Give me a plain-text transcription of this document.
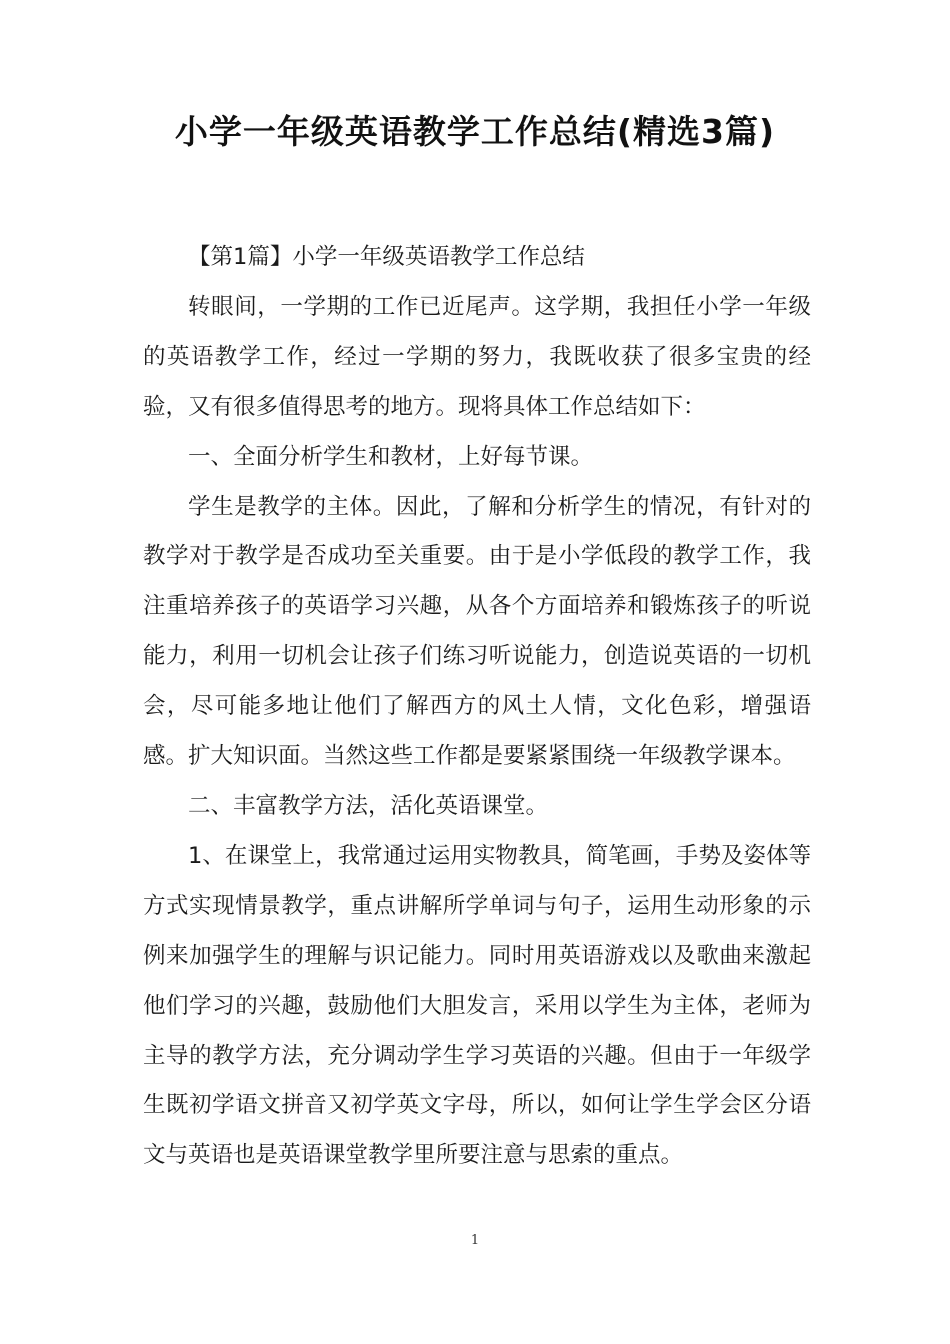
小学一年级英语教学工作总结(精选3篇)

【第1篇】小学一年级英语教学工作总结

转眼间，一学期的工作已近尾声。这学期，我担任小学一年级的英语教学工作，经过一学期的努力，我既收获了很多宝贵的经验，又有很多值得思考的地方。现将具体工作总结如下：

一、全面分析学生和教材，上好每节课。

学生是教学的主体。因此，了解和分析学生的情况，有针对的教学对于教学是否成功至关重要。由于是小学低段的教学工作，我注重培养孩子的英语学习兴趣，从各个方面培养和锻炼孩子的听说能力，利用一切机会让孩子们练习听说能力，创造说英语的一切机会，尽可能多地让他们了解西方的风土人情，文化色彩，增强语感。扩大知识面。当然这些工作都是要紧紧围绕一年级教学课本。

二、丰富教学方法，活化英语课堂。

1、在课堂上，我常通过运用实物教具，简笔画，手势及姿体等方式实现情景教学，重点讲解所学单词与句子，运用生动形象的示例来加强学生的理解与识记能力。同时用英语游戏以及歌曲来激起他们学习的兴趣，鼓励他们大胆发言，采用以学生为主体，老师为主导的教学方法，充分调动学生学习英语的兴趣。但由于一年级学生既初学语文拼音又初学英文字母，所以，如何让学生学会区分语文与英语也是英语课堂教学里所要注意与思索的重点。

1
